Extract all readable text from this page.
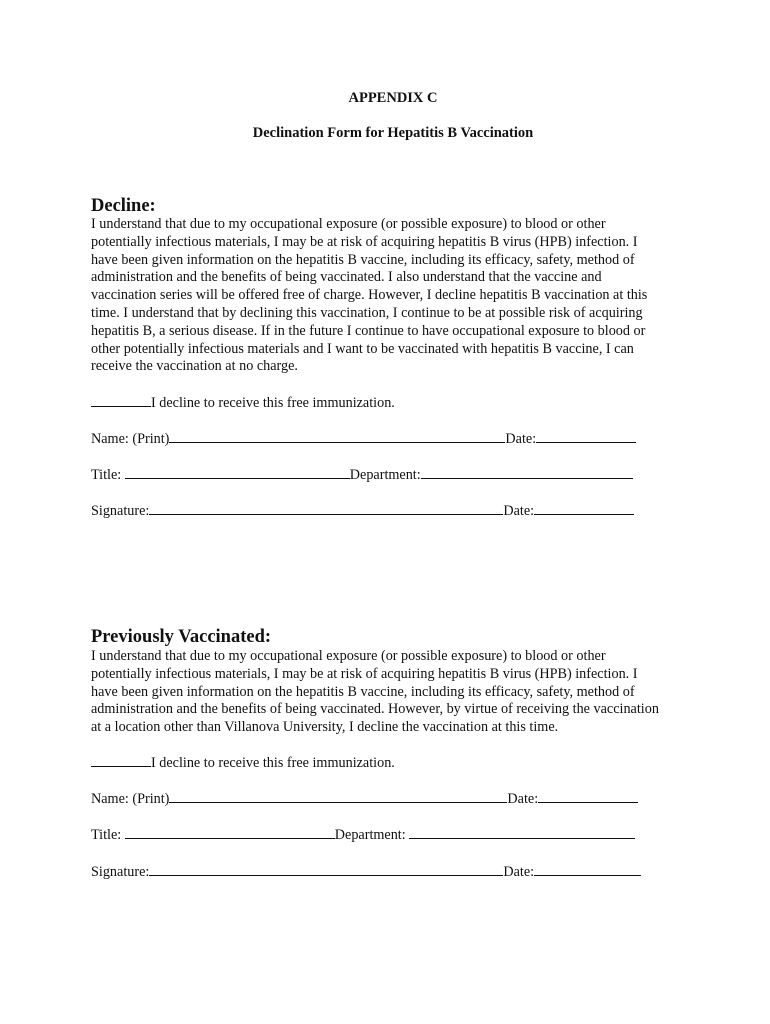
APPENDIX C
Declination Form for Hepatitis B Vaccination
Decline:
I understand that due to my occupational exposure (or possible exposure) to blood or other
potentially infectious materials, I may be at risk of acquiring hepatitis B virus (HPB) infection. I
have been given information on the hepatitis B vaccine, including its efficacy, safety, method of
administration and the benefits of being vaccinated. I also understand that the vaccine and
vaccination series will be offered free of charge. However, I decline hepatitis B vaccination at this
time. I understand that by declining this vaccination, I continue to be at possible risk of acquiring
hepatitis B, a serious disease. If in the future I continue to have occupational exposure to blood or
other potentially infectious materials and I want to be vaccinated with hepatitis B vaccine, I can
receive the vaccination at no charge.
I decline to receive this free immunization.
Name: (Print)	Date:
Title:	Department:
Signature:	Date:
Previously Vaccinated:
I understand that due to my occupational exposure (or possible exposure) to blood or other
potentially infectious materials, I may be at risk of acquiring hepatitis B virus (HPB) infection. I
have been given information on the hepatitis B vaccine, including its efficacy, safety, method of
administration and the benefits of being vaccinated. However, by virtue of receiving the vaccination
at a location other than Villanova University, I decline the vaccination at this time.
I decline to receive this free immunization.
Name: (Print)	Date:
Title:	Department:
Signature:	Date:
